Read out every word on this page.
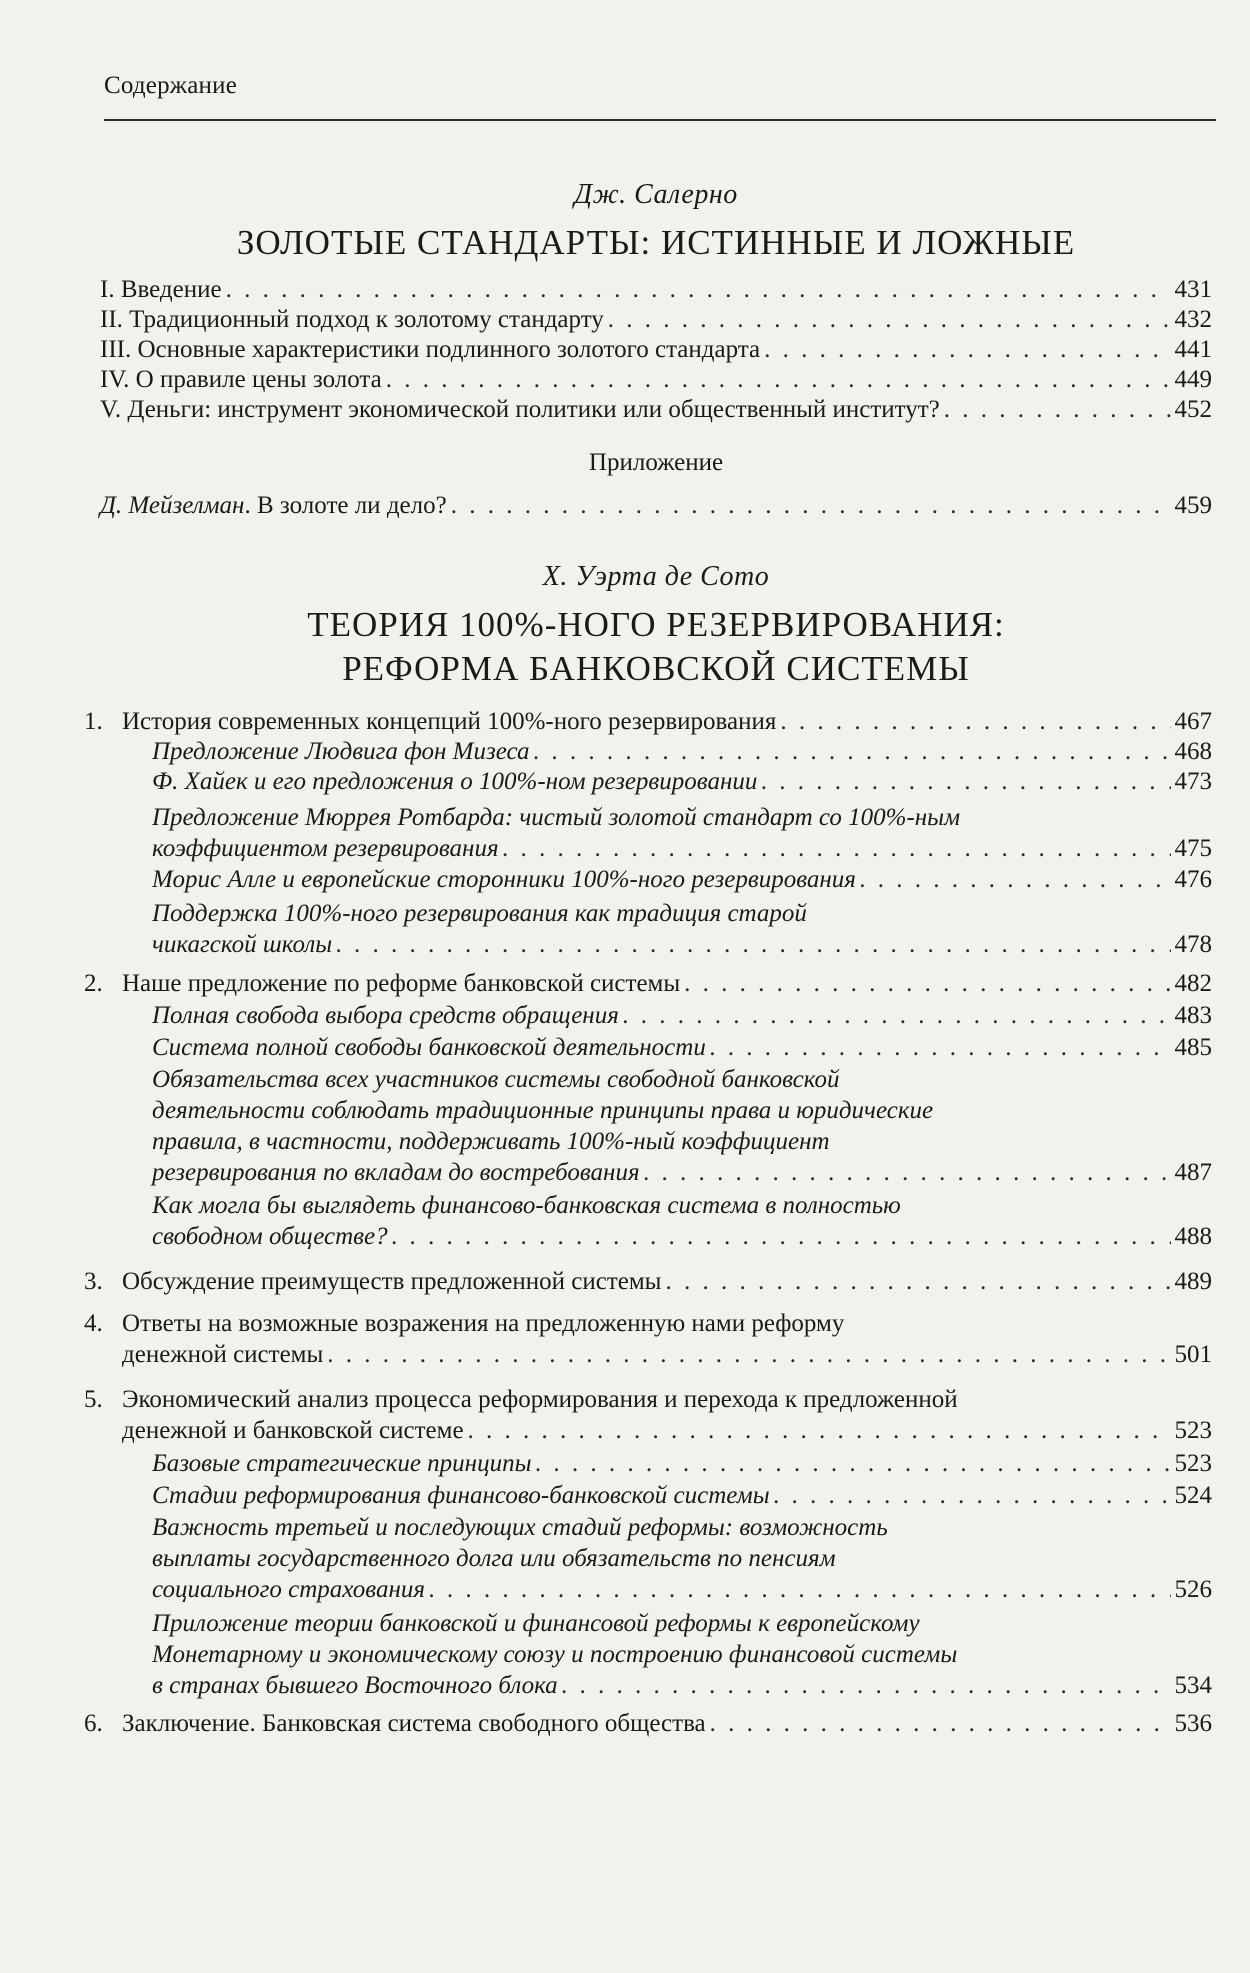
Содержание
Дж. Салерно
ЗОЛОТЫЕ СТАНДАРТЫ: ИСТИННЫЕ И ЛОЖНЫЕ
I. Введение . . .	431
II. Традиционный подход к золотому стандарту . . .	432
III. Основные характеристики подлинного золотого стандарта . . .	441
IV. О правиле цены золота . . .	449
V. Деньги: инструмент экономической политики или общественный институт? . . .	452
Приложение
Д. Мейзелман. В золоте ли дело? . . .	459
Х. Уэрта де Сото
ТЕОРИЯ 100%-НОГО РЕЗЕРВИРОВАНИЯ:
РЕФОРМА БАНКОВСКОЙ СИСТЕМЫ
1. История современных концепций 100%-ного резервирования . . .	467
Предложение Людвига фон Мизеса . . .	468
Ф. Хайек и его предложения о 100%-ном резервировании . . .	473
Предложение Мюррея Ротбарда: чистый золотой стандарт со 100%-ным
коэффициентом резервирования . . .	475
Морис Алле и европейские сторонники 100%-ного резервирования . . .	476
Поддержка 100%-ного резервирования как традиция старой
чикагской школы . . .	478
2. Наше предложение по реформе банковской системы . . .	482
Полная свобода выбора средств обращения . . .	483
Система полной свободы банковской деятельности . . .	485
Обязательства всех участников системы свободной банковской
деятельности соблюдать традиционные принципы права и юридические
правила, в частности, поддерживать 100%-ный коэффициент
резервирования по вкладам до востребования . . .	487
Как могла бы выглядеть финансово-банковская система в полностью
свободном обществе? . . .	488
3. Обсуждение преимуществ предложенной системы . . .	489
4. Ответы на возможные возражения на предложенную нами реформу
денежной системы . . .	501
5. Экономический анализ процесса реформирования и перехода к предложенной
денежной и банковской системе . . .	523
Базовые стратегические принципы . . .	523
Стадии реформирования финансово-банковской системы . . .	524
Важность третьей и последующих стадий реформы: возможность
выплаты государственного долга или обязательств по пенсиям
социального страхования . . .	526
Приложение теории банковской и финансовой реформы к европейскому
Монетарному и экономическому союзу и построению финансовой системы
в странах бывшего Восточного блока . . .	534
6. Заключение. Банковская система свободного общества . . .	536
